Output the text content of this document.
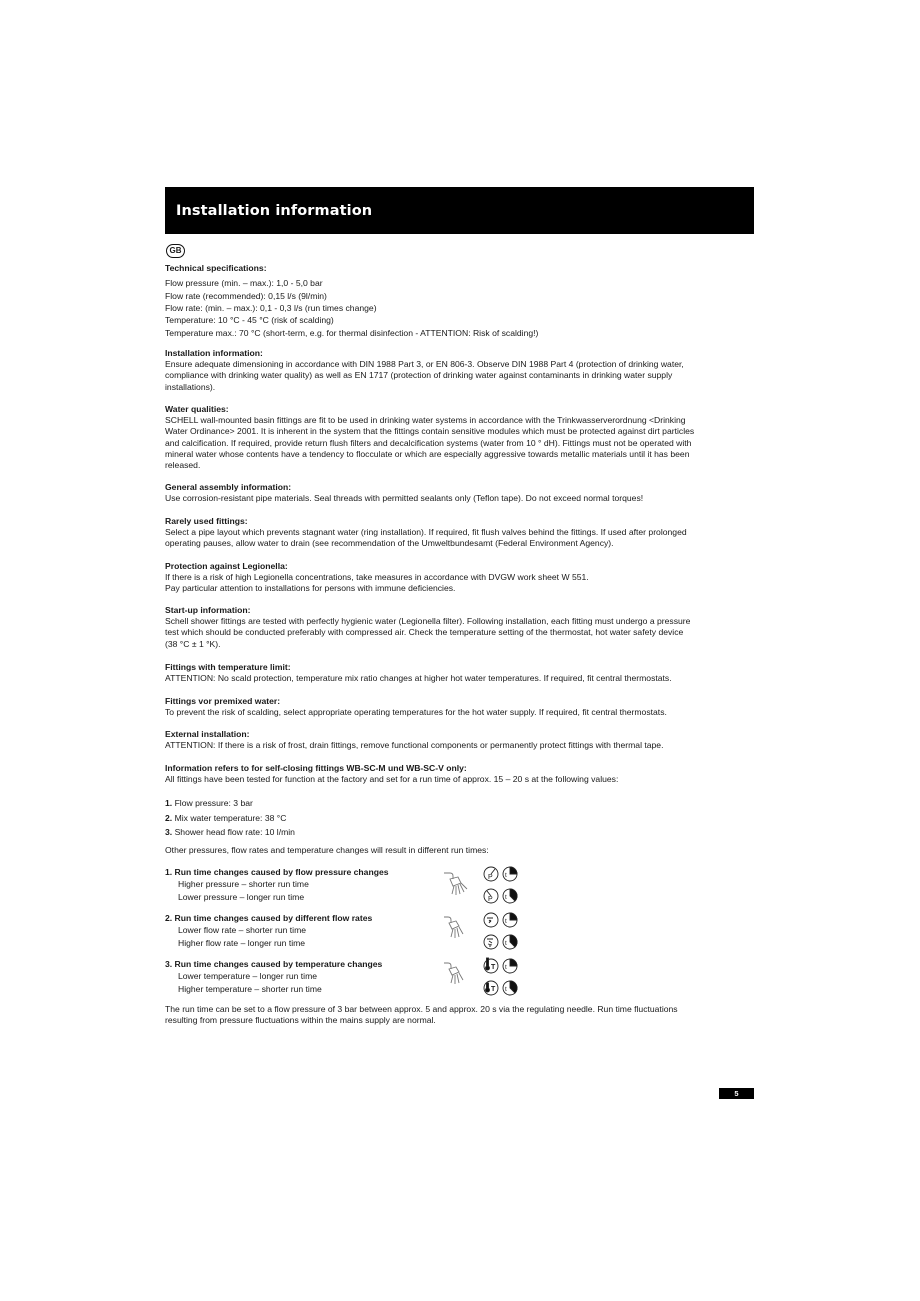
Installation information
GB
Technical specifications:

Flow pressure (min. – max.): 1,0 - 5,0 bar
Flow rate (recommended): 0,15 l/s (9l/min)
Flow rate: (min. – max.): 0,1 - 0,3 l/s (run times change)
Temperature: 10 °C - 45 °C (risk of scalding)
Temperature max.: 70 °C (short-term, e.g. for thermal disinfection - ATTENTION: Risk of scalding!)

Installation information:

Ensure adequate dimensioning in accordance with DIN 1988 Part 3, or EN 806-3. Observe DIN 1988 Part 4 (protection of drinking water,
compliance with drinking water quality) as well as EN 1717 (protection of drinking water against contaminants in drinking water supply
installations).

Water qualities:

SCHELL wall-mounted basin fittings are fit to be used in drinking water systems in accordance with the Trinkwasserverordnung <Drinking
Water Ordinance> 2001. It is inherent in the system that the fittings contain sensitive modules which must be protected against dirt particles
and calcification. If required, provide return flush filters and decalcification systems (water from 10 ° dH). Fittings must not be operated with
mineral water whose contents have a tendency to flocculate or which are especially aggressive towards metallic materials until it has been
released.

General assembly information:

Use corrosion-resistant pipe materials. Seal threads with permitted sealants only (Teflon tape). Do not exceed normal torques!

Rarely used fittings:

Select a pipe layout which prevents stagnant water (ring installation). If required, fit flush valves behind the fittings. If used after prolonged
operating pauses, allow water to drain (see recommendation of the Umweltbundesamt (Federal Environment Agency).

Protection against Legionella:

If there is a risk of high Legionella concentrations, take measures in accordance with DVGW work sheet W 551.
Pay particular attention to installations for persons with immune deficiencies.

Start-up information:

Schell shower fittings are tested with perfectly hygienic water (Legionella filter). Following installation, each fitting must undergo a pressure
test which should be conducted preferably with compressed air. Check the temperature setting of the thermostat, hot water safety device
(38 °C ± 1 °K).

Fittings with temperature limit:

ATTENTION: No scald protection, temperature mix ratio changes at higher hot water temperatures. If required, fit central thermostats.

Fittings vor premixed water:

To prevent the risk of scalding, select appropriate operating temperatures for the hot water supply. If required, fit central thermostats.

External installation:

ATTENTION: If there is a risk of frost, drain fittings, remove functional components or permanently protect fittings with thermal tape.

Information refers to for self-closing fittings WB-SC-M und WB-SC-V only:

All fittings have been tested for function at the factory and set for a run time of approx. 15 – 20 s at the following values:

1. Flow pressure: 3 bar
2. Mix water temperature: 38 °C
3. Shower head flow rate: 10 l/min
Other pressures, flow rates and temperature changes will result in different run times:
1. Run time changes caused by flow pressure changes
Higher pressure – shorter run time
Lower pressure – longer run time
2. Run time changes caused by different flow rates
Lower flow rate – shorter run time
Higher flow rate – longer run time
3. Run time changes caused by temperature changes
Lower temperature – longer run time
Higher temperature – shorter run time
P
P
t
t
t
t
T
T
t
t
The run time can be set to a flow pressure of 3 bar between approx. 5 and approx. 20 s via the regulating needle. Run time fluctuations
resulting from pressure fluctuations within the mains supply are normal.
5
